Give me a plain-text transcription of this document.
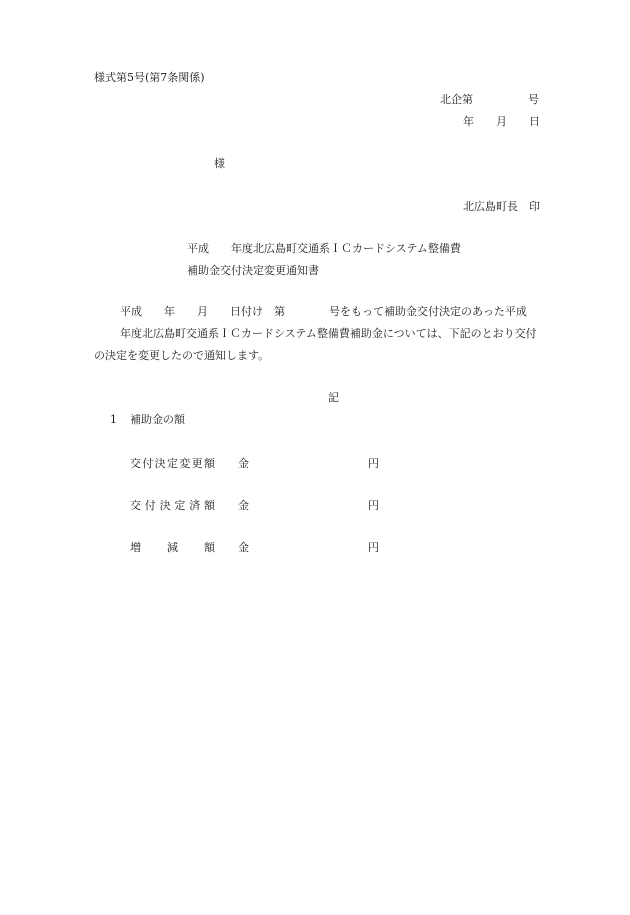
様式第5号(第7条関係)

北企第　　　　　号

年　　月　　日

様

北広島町長　印

平成　　年度北広島町交通系ＩＣカードシステム整備費

補助金交付決定変更通知書

平成　　年　　月　　日付け　第　　　　号をもって補助金交付決定のあった平成

年度北広島町交通系ＩＣカードシステム整備費補助金については、下記のとおり交付

の決定を変更したので通知します。

記

1 補助金の額

交 付 決 定 変 更 額 金	円

交 付 決 定 済 額 金	円

増 減 額 金	円
